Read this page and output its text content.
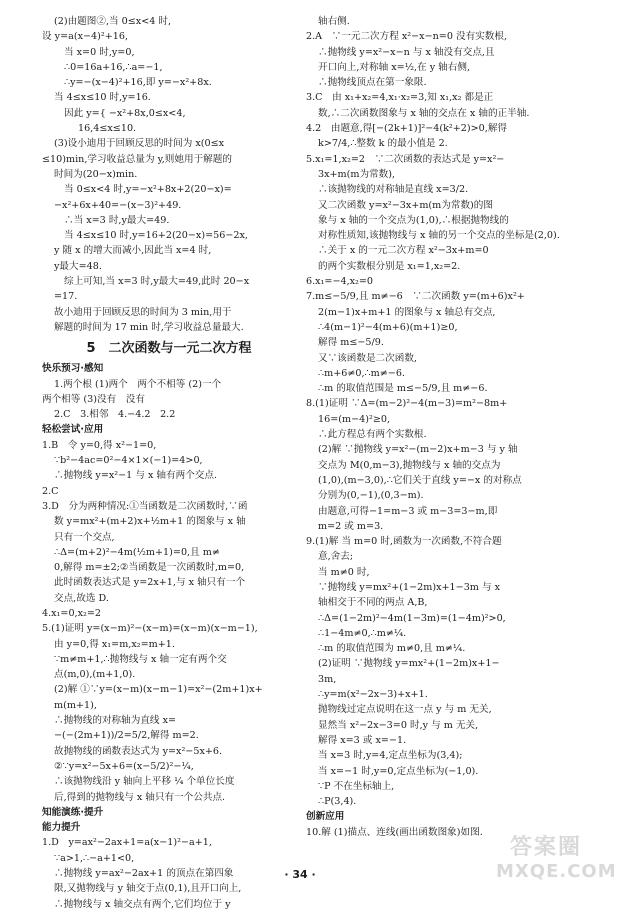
(2)由题图②,当 0≤x<4 时,
设 y=a(x−4)²+16,
当 x=0 时,y=0,
∴0=16a+16,∴a=−1,
∴y=−(x−4)²+16,即 y=−x²+8x.
当 4≤x≤10 时,y=16.
因此 y={ −x²+8x,0≤x<4,
16,4≤x≤10.
(3)设小迪用于回顾反思的时间为 x(0≤x
≤10)min,学习收益总量为 y,则她用于解题的
时间为(20−x)min.
当 0≤x<4 时,y=−x²+8x+2(20−x)=
−x²+6x+40=−(x−3)²+49.
∴当 x=3 时,y最大=49.
当 4≤x≤10 时,y=16+2(20−x)=56−2x,
y 随 x 的增大而减小,因此当 x=4 时,
y最大=48.
综上可知,当 x=3 时,y最大=49,此时 20−x
=17.
故小迪用于回顾反思的时间为 3 min,用于
解题的时间为 17 min 时,学习收益总量最大.
5　二次函数与一元二次方程
快乐预习·感知
1.两个根 (1)两个　两个不相等 (2)一个
两个相等 (3)没有　没有
2.C　3.相邻　4.−4.2　2.2
轻松尝试·应用
1.B　令 y=0,得 x²−1=0,
∵b²−4ac=0²−4×1×(−1)=4>0,
∴抛物线 y=x²−1 与 x 轴有两个交点.
2.C
3.D　分为两种情况:①当函数是二次函数时,∵函
数 y=mx²+(m+2)x+½m+1 的图象与 x 轴
只有一个交点,
∴Δ=(m+2)²−4m(½m+1)=0,且 m≠
0,解得 m=±2;②当函数是一次函数时,m=0,
此时函数表达式是 y=2x+1,与 x 轴只有一个
交点,故选 D.
4.x₁=0,x₂=2
5.(1)证明 y=(x−m)²−(x−m)=(x−m)(x−m−1),
由 y=0,得 x₁=m,x₂=m+1.
∵m≠m+1,∴抛物线与 x 轴一定有两个交
点(m,0),(m+1,0).
(2)解 ①∵y=(x−m)(x−m−1)=x²−(2m+1)x+
m(m+1),
∴抛物线的对称轴为直线 x=
−(−(2m+1))/2=5/2,解得 m=2.
故抛物线的函数表达式为 y=x²−5x+6.
②∵y=x²−5x+6=(x−5/2)²−¼,
∴该抛物线沿 y 轴向上平移 ¼ 个单位长度
后,得到的抛物线与 x 轴只有一个公共点.
知能演练·提升
能力提升
1.D　y=ax²−2ax+1=a(x−1)²−a+1,
∵a>1,∴−a+1<0,
∴抛物线 y=ax²−2ax+1 的顶点在第四象
限,又抛物线与 y 轴交于点(0,1),且开口向上,
∴抛物线与 x 轴交点有两个,它们均位于 y
轴右侧.
2.A　∵一元二次方程 x²−x−n=0 没有实数根,
∴抛物线 y=x²−x−n 与 x 轴没有交点,且
开口向上,对称轴 x=½,在 y 轴右侧,
∴抛物线顶点在第一象限.
3.C　由 x₁+x₂=4,x₁·x₂=3,知 x₁,x₂ 都是正
数,∴二次函数图象与 x 轴的交点在 x 轴的正半轴.
4.2　由题意,得[−(2k+1)]²−4(k²+2)>0,解得
k>7/4,∴整数 k 的最小值是 2.
5.x₁=1,x₂=2　∵二次函数的表达式是 y=x²−
3x+m(m为常数),
∴该抛物线的对称轴是直线 x=3/2.
又二次函数 y=x²−3x+m(m为常数)的图
象与 x 轴的一个交点为(1,0),∴根据抛物线的
对称性质知,该抛物线与 x 轴的另一个交点的坐标是(2,0).
∴关于 x 的一元二次方程 x²−3x+m=0
的两个实数根分别是 x₁=1,x₂=2.
6.x₁=−4,x₂=0
7.m≤−5/9,且 m≠−6　∵二次函数 y=(m+6)x²+
2(m−1)x+m+1 的图象与 x 轴总有交点,
∴4(m−1)²−4(m+6)(m+1)≥0,
解得 m≤−5/9.
又∵该函数是二次函数,
∴m+6≠0,∴m≠−6.
∴m 的取值范围是 m≤−5/9,且 m≠−6.
8.(1)证明 ∵Δ=(m−2)²−4(m−3)=m²−8m+
16=(m−4)²≥0,
∴此方程总有两个实数根.
(2)解 ∵抛物线 y=x²−(m−2)x+m−3 与 y 轴
交点为 M(0,m−3),抛物线与 x 轴的交点为
(1,0),(m−3,0),∴它们关于直线 y=−x 的对称点
分别为(0,−1),(0,3−m).
由题意,可得−1=m−3 或 m−3=3−m,即
m=2 或 m=3.
9.(1)解 当 m=0 时,函数为一次函数,不符合题
意,舍去;
当 m≠0 时,
∵抛物线 y=mx²+(1−2m)x+1−3m 与 x
轴相交于不同的两点 A,B,
∴Δ=(1−2m)²−4m(1−3m)=(1−4m)²>0,
∴1−4m≠0,∴m≠¼.
∴m 的取值范围为 m≠0,且 m≠¼.
(2)证明 ∵抛物线 y=mx²+(1−2m)x+1−
3m,
∴y=m(x²−2x−3)+x+1.
抛物线过定点说明在这一点 y 与 m 无关,
显然当 x²−2x−3=0 时,y 与 m 无关,
解得 x=3 或 x=−1.
当 x=3 时,y=4,定点坐标为(3,4);
当 x=−1 时,y=0,定点坐标为(−1,0).
∵P 不在坐标轴上,
∴P(3,4).
创新应用
10.解 (1)描点、连线(画出函数图象)如图.
· 34 ·
答案圈
MXQE.COM
